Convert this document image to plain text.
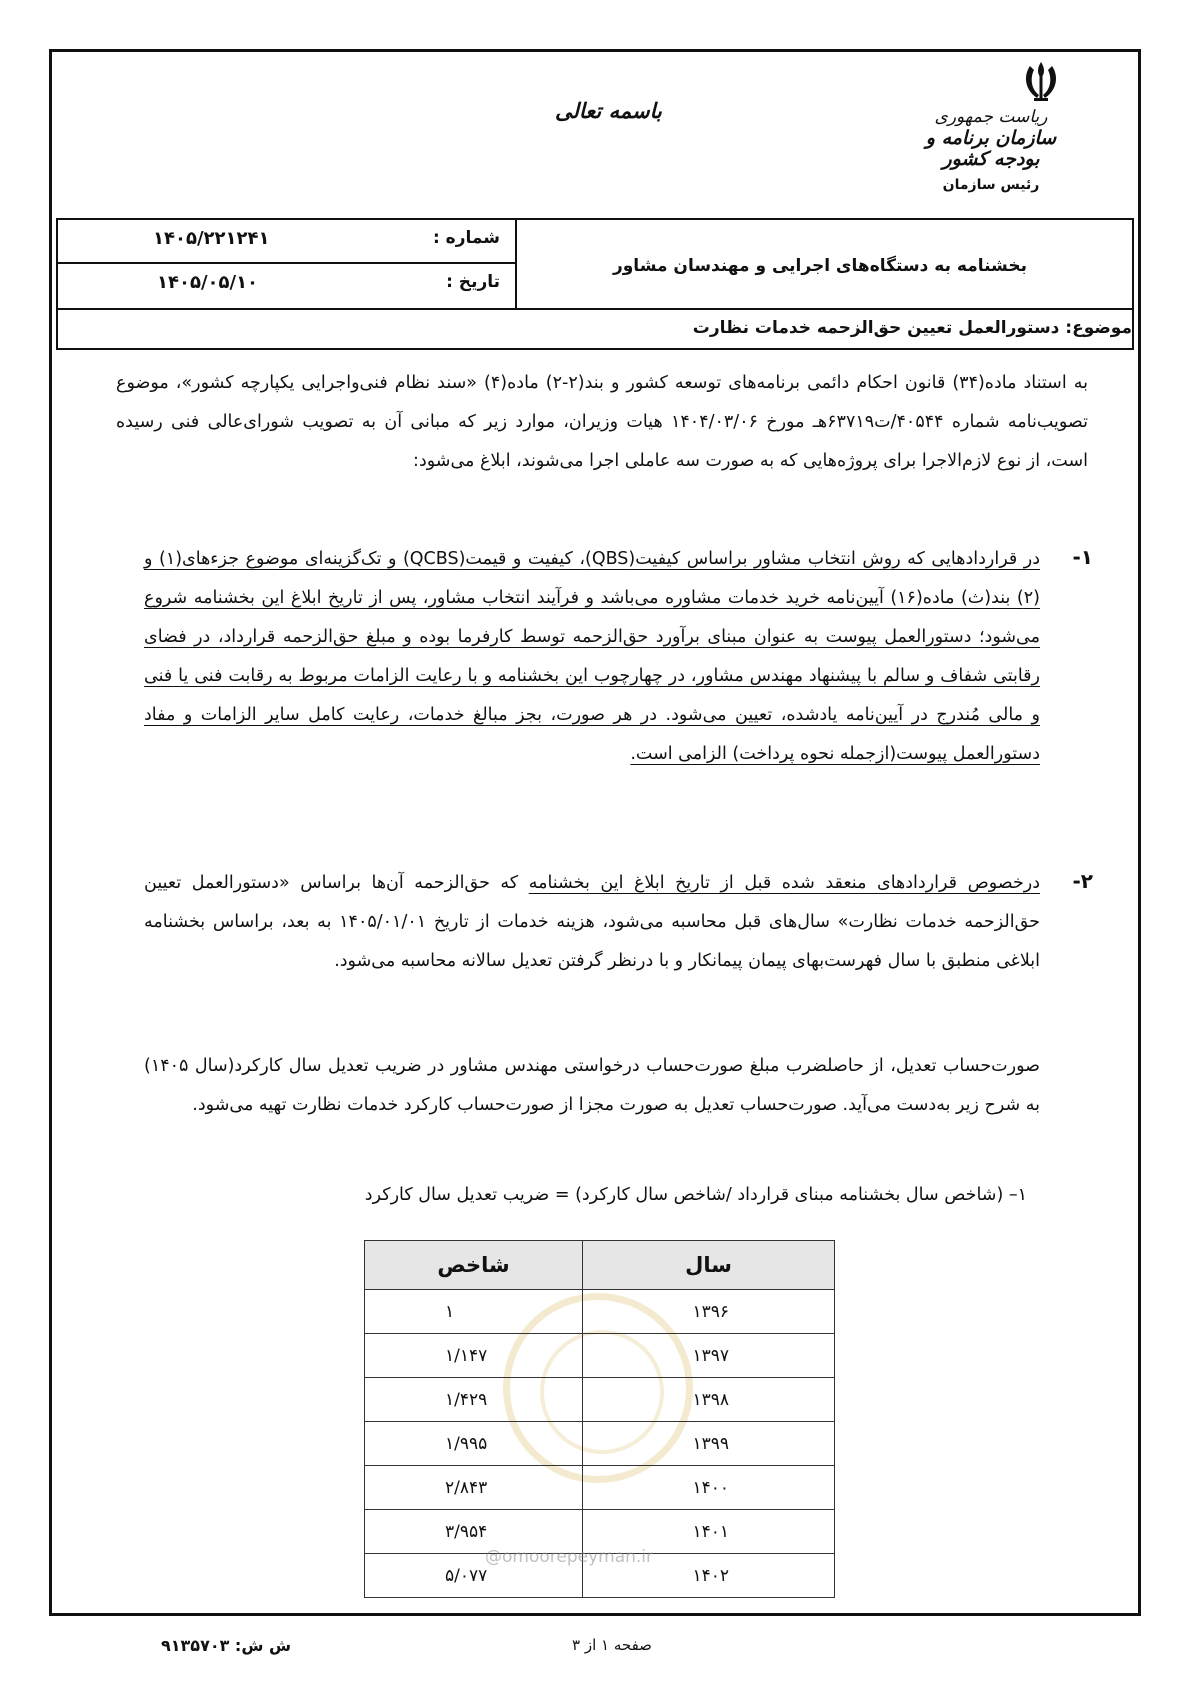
ریاست جمهوری
سازمان برنامه و بودجه کشور
رئیس سازمان
باسمه تعالی
شماره :
۱۴۰۵/۲۲۱۲۴۱
تاریخ :
۱۴۰۵/۰۵/۱۰
بخشنامه به دستگاه‌های اجرایی و مهندسان مشاور
موضوع: دستورالعمل تعیین حق‌الزحمه خدمات نظارت
به استناد ماده(۳۴) قانون احکام دائمی برنامه‌های توسعه کشور و بند(۲-۲) ماده(۴) «سند نظام فنی‌واجرایی یکپارچه کشور»، موضوع تصویب‌نامه شماره ۴۰۵۴۴/ت۶۳۷۱۹هـ مورخ ۱۴۰۴/۰۳/۰۶ هیات وزیران، موارد زیر که مبانی آن به تصویب شورای‌عالی فنی رسیده است، از نوع لازم‌الاجرا برای پروژه‌هایی که به صورت سه عاملی اجرا می‌شوند، ابلاغ می‌شود:
۱-
در قراردادهایی که روش انتخاب مشاور براساس کیفیت(QBS)، کیفیت و قیمت(QCBS) و تک‌گزینه‌ای موضوع جزء‌های(۱) و (۲) بند(ث) ماده(۱۶) آیین‌نامه خرید خدمات مشاوره می‌باشد و فرآیند انتخاب مشاور، پس از تاریخ ابلاغ این بخشنامه شروع می‌شود؛ دستورالعمل پیوست به عنوان مبنای برآورد حق‌الزحمه توسط کارفرما بوده و مبلغ حق‌الزحمه قرارداد، در فضای رقابتی شفاف و سالم با پیشنهاد مهندس مشاور، در چهارچوب این بخشنامه و با رعایت الزامات مربوط به رقابت فنی یا فنی و مالی مُندرج در آیین‌نامه یادشده، تعیین می‌شود. در هر صورت، بجز مبالغ خدمات، رعایت کامل سایر الزامات و مفاد دستورالعمل پیوست(ازجمله نحوه پرداخت) الزامی است.
۲-
درخصوص قراردادهای منعقد شده قبل از تاریخ ابلاغ این بخشنامه که حق‌الزحمه آن‌ها براساس «دستورالعمل تعیین حق‌الزحمه خدمات نظارت» سال‌های قبل محاسبه می‌شود، هزینه خدمات از تاریخ ۱۴۰۵/۰۱/۰۱ به بعد، براساس بخشنامه ابلاغی منطبق با سال فهرست‌بهای پیمان پیمانکار و با درنظر گرفتن تعدیل سالانه محاسبه می‌شود.
صورت‌حساب تعدیل، از حاصلضرب مبلغ صورت‌حساب درخواستی مهندس مشاور در ضریب تعدیل سال کارکرد(سال ۱۴۰۵) به شرح زیر به‌دست می‌آید. صورت‌حساب تعدیل به صورت مجزا از صورت‌حساب کارکرد خدمات نظارت تهیه می‌شود.
۱– (شاخص سال بخشنامه مبنای قرارداد /شاخص سال کارکرد) = ضریب تعدیل سال کارکرد
سال	شاخص
۱۳۹۶	۱
۱۳۹۷	۱/۱۴۷
۱۳۹۸	۱/۴۲۹
۱۳۹۹	۱/۹۹۵
۱۴۰۰	۲/۸۴۳
۱۴۰۱	۳/۹۵۴
۱۴۰۲	۵/۰۷۷
@omoorepeyman.ir
صفحه ۱ از ۳
ش ش: ۹۱۳۵۷۰۳
